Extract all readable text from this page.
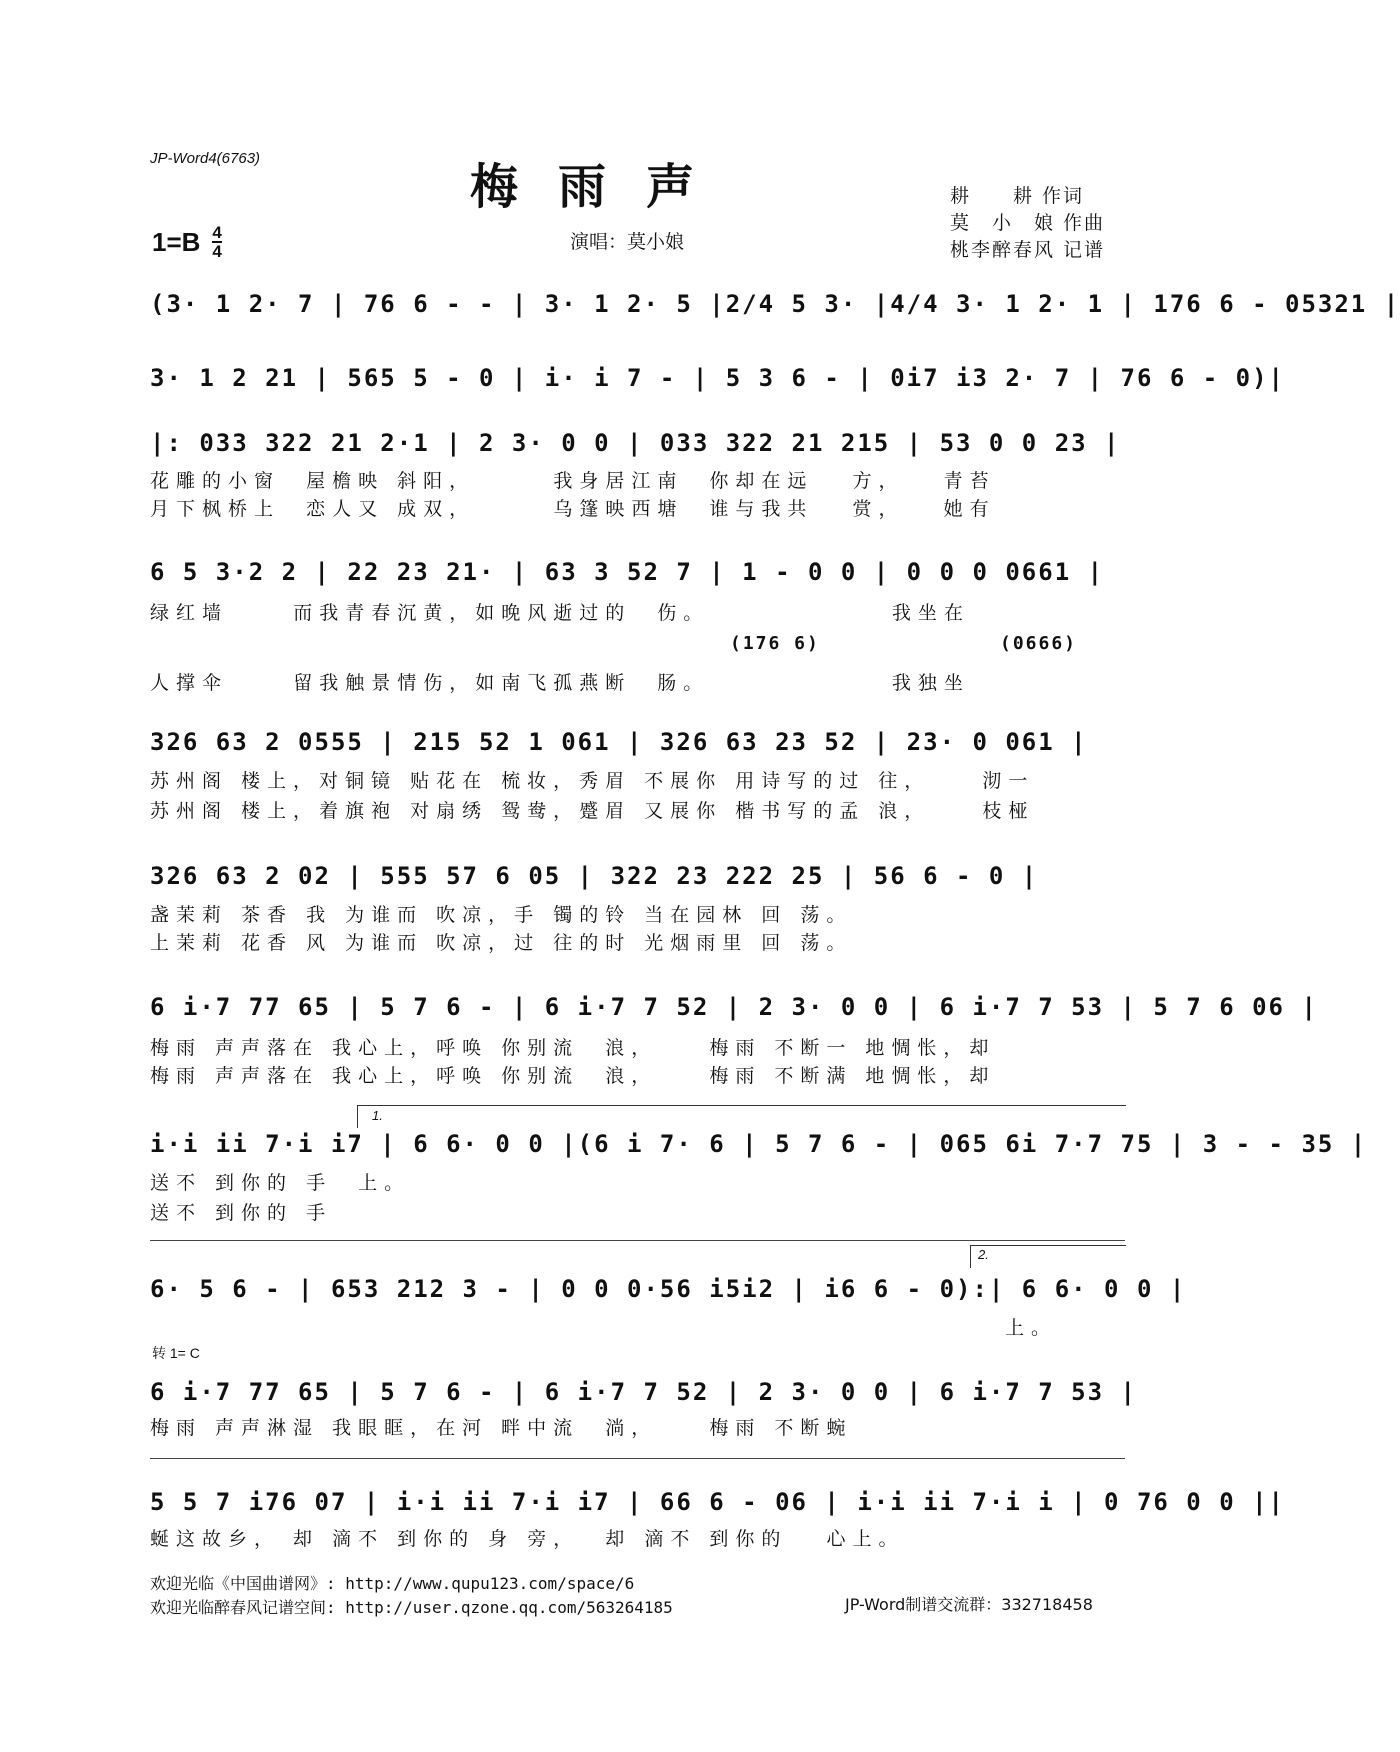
JP-Word4(6763)
梅雨声
$1=B \frac{4}{4}$	演唱：莫小娘
耕　　耕 作词
莫　小　娘 作曲
桃李醉春风 记谱
(3· 1 2· 7 | 76 6 - - | 3· 1 2· 5 |2/4 5 3· |4/4 3· 1 2· 1 | 176 6 - 05321 |
3· 1 2 21 | 565 5 - 0 | i· i 7 - | 5 3 6 - | 0i7 i3 2· 7 | 76 6 - 0)|
|: 033 322 21 2·1 | 2 3· 0 0 | 033 322 21 215 | 53 0 0 23 |
花雕的小窗  屋檐映 斜阳，      我身居江南  你却在远   方，   青苔
月下枫桥上  恋人又 成双，      乌篷映西塘  谁与我共   赏，   她有
6 5 3·2 2 | 22 23 21· | 63 3 52 7 | 1 - 0 0 | 0 0 0 0661 |
绿红墙     而我青春沉黄，如晚风逝过的  伤。              我坐在
(176 6)	(0666)
人撑伞     留我触景情伤，如南飞孤燕断  肠。              我独坐
326 63 2 0555 | 215 52 1 061 | 326 63 23 52 | 23· 0 061 |
苏州阁 楼上，对铜镜 贴花在 梳妆，秀眉 不展你 用诗写的过 往，    沏一
苏州阁 楼上，着旗袍 对扇绣 鸳鸯，蹙眉 又展你 楷书写的孟 浪，    枝桠
326 63 2 02 | 555 57 6 05 | 322 23 222 25 | 56 6 - 0 |
盏茉莉 茶香 我 为谁而 吹凉，手 镯的铃 当在园林 回 荡。
上茉莉 花香 风 为谁而 吹凉，过 往的时 光烟雨里 回 荡。
6 i·7 77 65 | 5 7 6 - | 6 i·7 7 52 | 2 3· 0 0 | 6 i·7 7 53 | 5 7 6 06 |
梅雨 声声落在 我心上，呼唤 你别流  浪，    梅雨 不断一 地惆怅，却
梅雨 声声落在 我心上，呼唤 你别流  浪，    梅雨 不断满 地惆怅，却
1.
i·i ii 7·i i7 | 6 6· 0 0 |(6 i 7· 6 | 5 7 6 - | 065 6i 7·7 75 | 3 - - 35 |
送不 到你的 手  上。
送不 到你的 手
2.
6· 5 6 - | 653 212 3 - | 0 0 0·56 i5i2 | i6 6 - 0):| 6 6· 0 0 |
上。
转 1= C
6 i·7 77 65 | 5 7 6 - | 6 i·7 7 52 | 2 3· 0 0 | 6 i·7 7 53 |
梅雨 声声淋湿 我眼眶，在河 畔中流  淌，    梅雨 不断蜿
5 5 7 i76 07 | i·i ii 7·i i7 | 66 6 - 06 | i·i ii 7·i i | 0 76 0 0 ||
蜒这故乡， 却 滴不 到你的 身 旁，  却 滴不 到你的   心上。
欢迎光临《中国曲谱网》: http://www.qupu123.com/space/6
欢迎光临醉春风记谱空间: http://user.qzone.qq.com/563264185	JP-Word制谱交流群：332718458
